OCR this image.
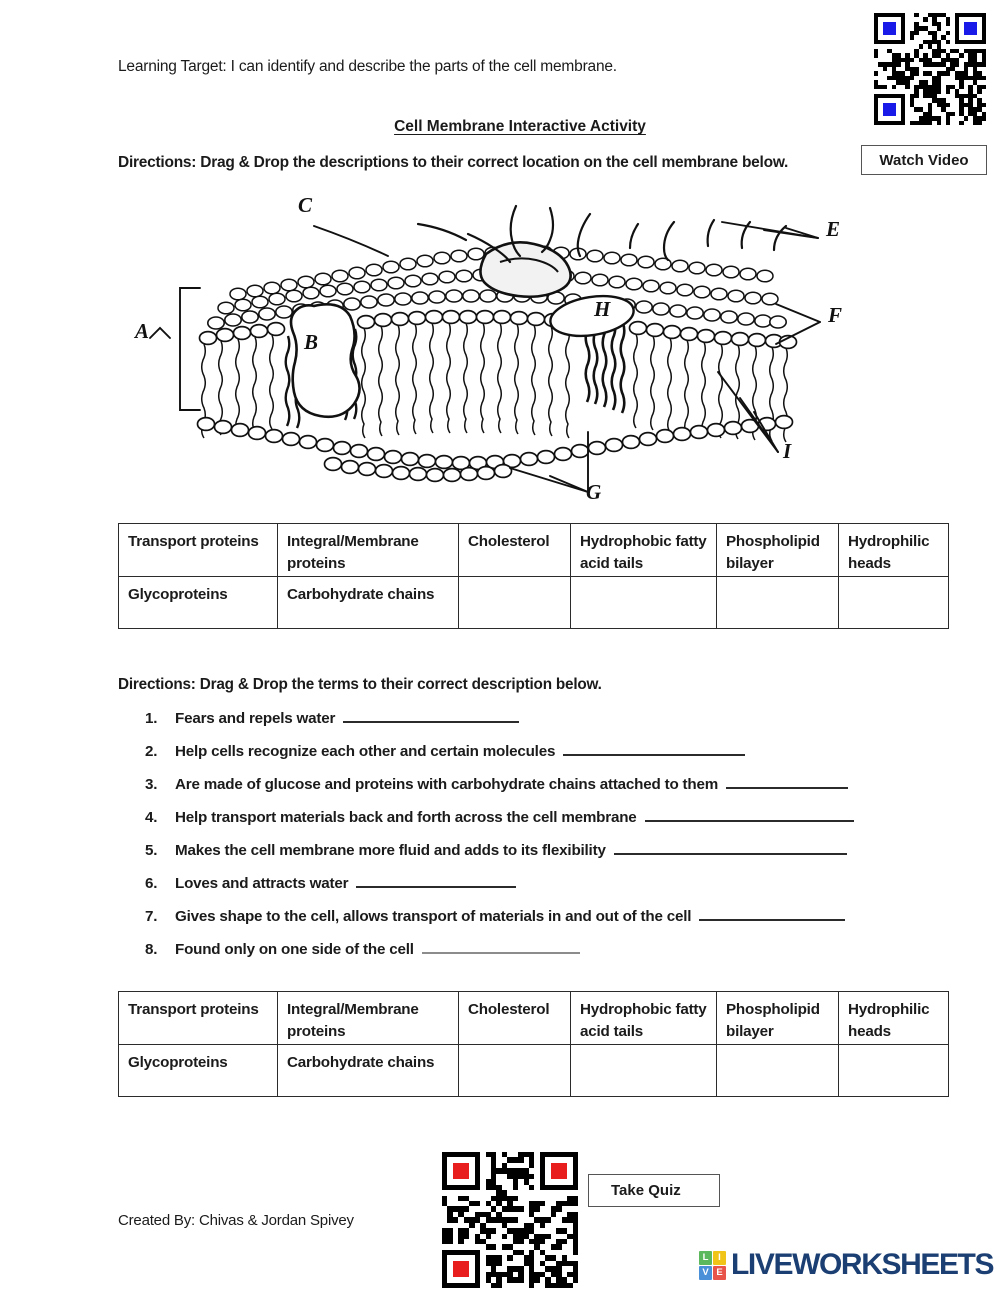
Learning Target: I can identify and describe the parts of the cell membrane.
Cell Membrane Interactive Activity
Directions: Drag & Drop the descriptions to their correct location on the cell membrane below.	Watch Video
A	B
C
E
F
G
H
I
Transport proteins	Integral/Membrane proteins	Cholesterol	Hydrophobic fatty acid tails	Phospholipid bilayer	Hydrophilic heads
Glycoproteins	Carbohydrate chains				
Directions: Drag & Drop the terms to their correct description below.
1.	Fears and repels water
2.	Help cells recognize each other and certain molecules
3.	Are made of glucose and proteins with carbohydrate chains attached to them
4.	Help transport materials back and forth across the cell membrane
5.	Makes the cell membrane more fluid and adds to its flexibility
6.	Loves and attracts water
7.	Gives shape to the cell, allows transport of materials in and out of the cell
8.	Found only on one side of the cell
Transport proteins	Integral/Membrane proteins	Cholesterol	Hydrophobic fatty acid tails	Phospholipid bilayer	Hydrophilic heads
Glycoproteins	Carbohydrate chains				
Take Quiz
Created By: Chivas & Jordan Spivey
L	I
V E LIVEWORKSHEETS
